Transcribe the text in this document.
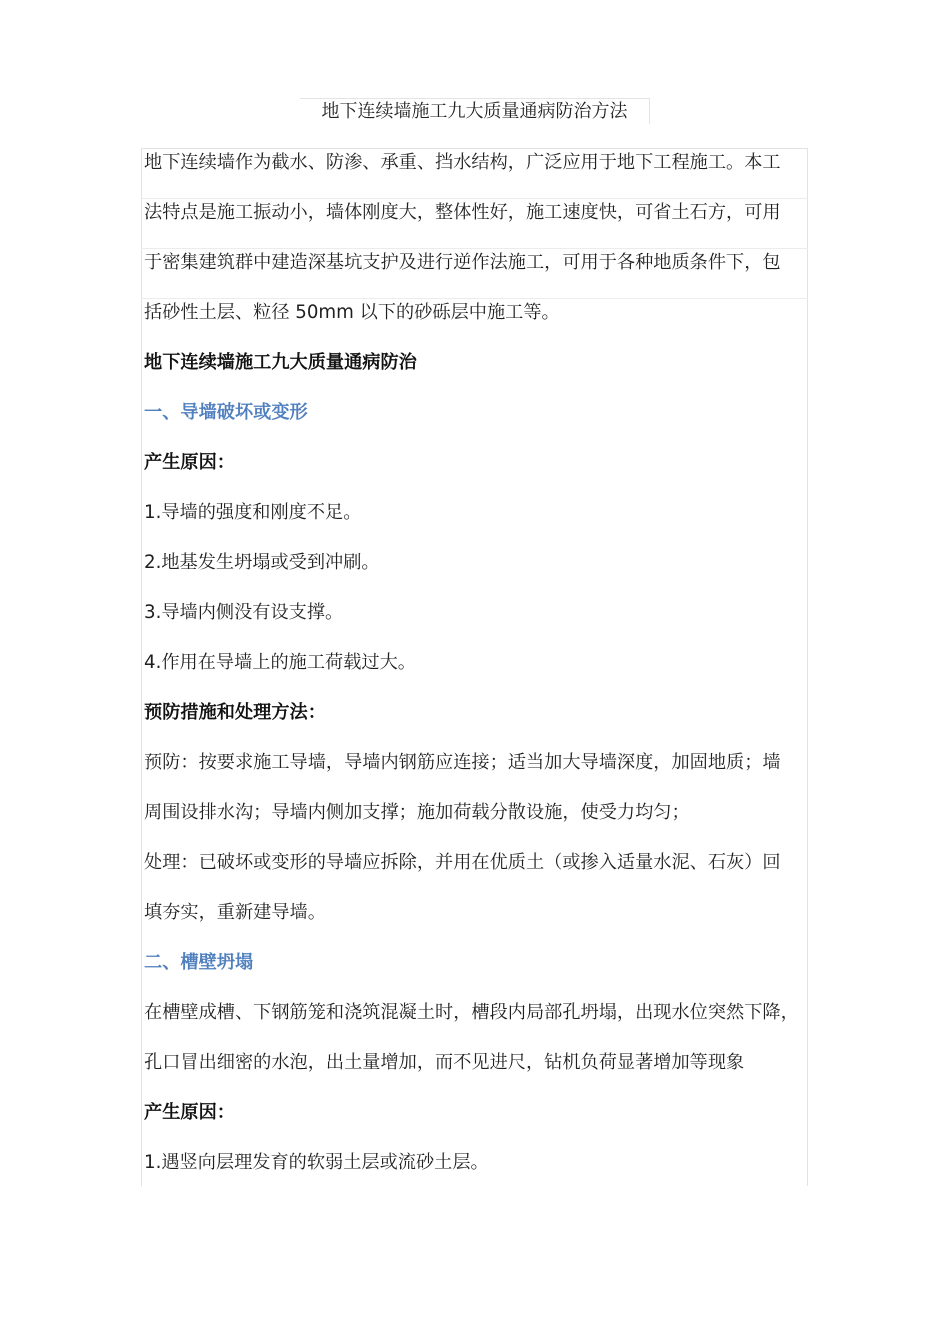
地下连续墙施工九大质量通病防治方法
地下连续墙作为截水、防渗、承重、挡水结构，广泛应用于地下工程施工。本工
法特点是施工振动小，墙体刚度大，整体性好，施工速度快，可省土石方，可用
于密集建筑群中建造深基坑支护及进行逆作法施工，可用于各种地质条件下，包
括砂性土层、粒径 50mm 以下的砂砾层中施工等。
地下连续墙施工九大质量通病防治
一、导墙破坏或变形
产生原因：
1.导墙的强度和刚度不足。
2.地基发生坍塌或受到冲刷。
3.导墙内侧没有设支撑。
4.作用在导墙上的施工荷载过大。
预防措施和处理方法：
预防：按要求施工导墙，导墙内钢筋应连接；适当加大导墙深度，加固地质；墙
周围设排水沟；导墙内侧加支撑；施加荷载分散设施，使受力均匀；
处理：已破坏或变形的导墙应拆除，并用在优质土（或掺入适量水泥、石灰）回
填夯实，重新建导墙。
二、槽壁坍塌
在槽壁成槽、下钢筋笼和浇筑混凝土时，槽段内局部孔坍塌，出现水位突然下降，
孔口冒出细密的水泡，出土量增加，而不见进尺，钻机负荷显著增加等现象
产生原因：
1.遇竖向层理发育的软弱土层或流砂土层。
